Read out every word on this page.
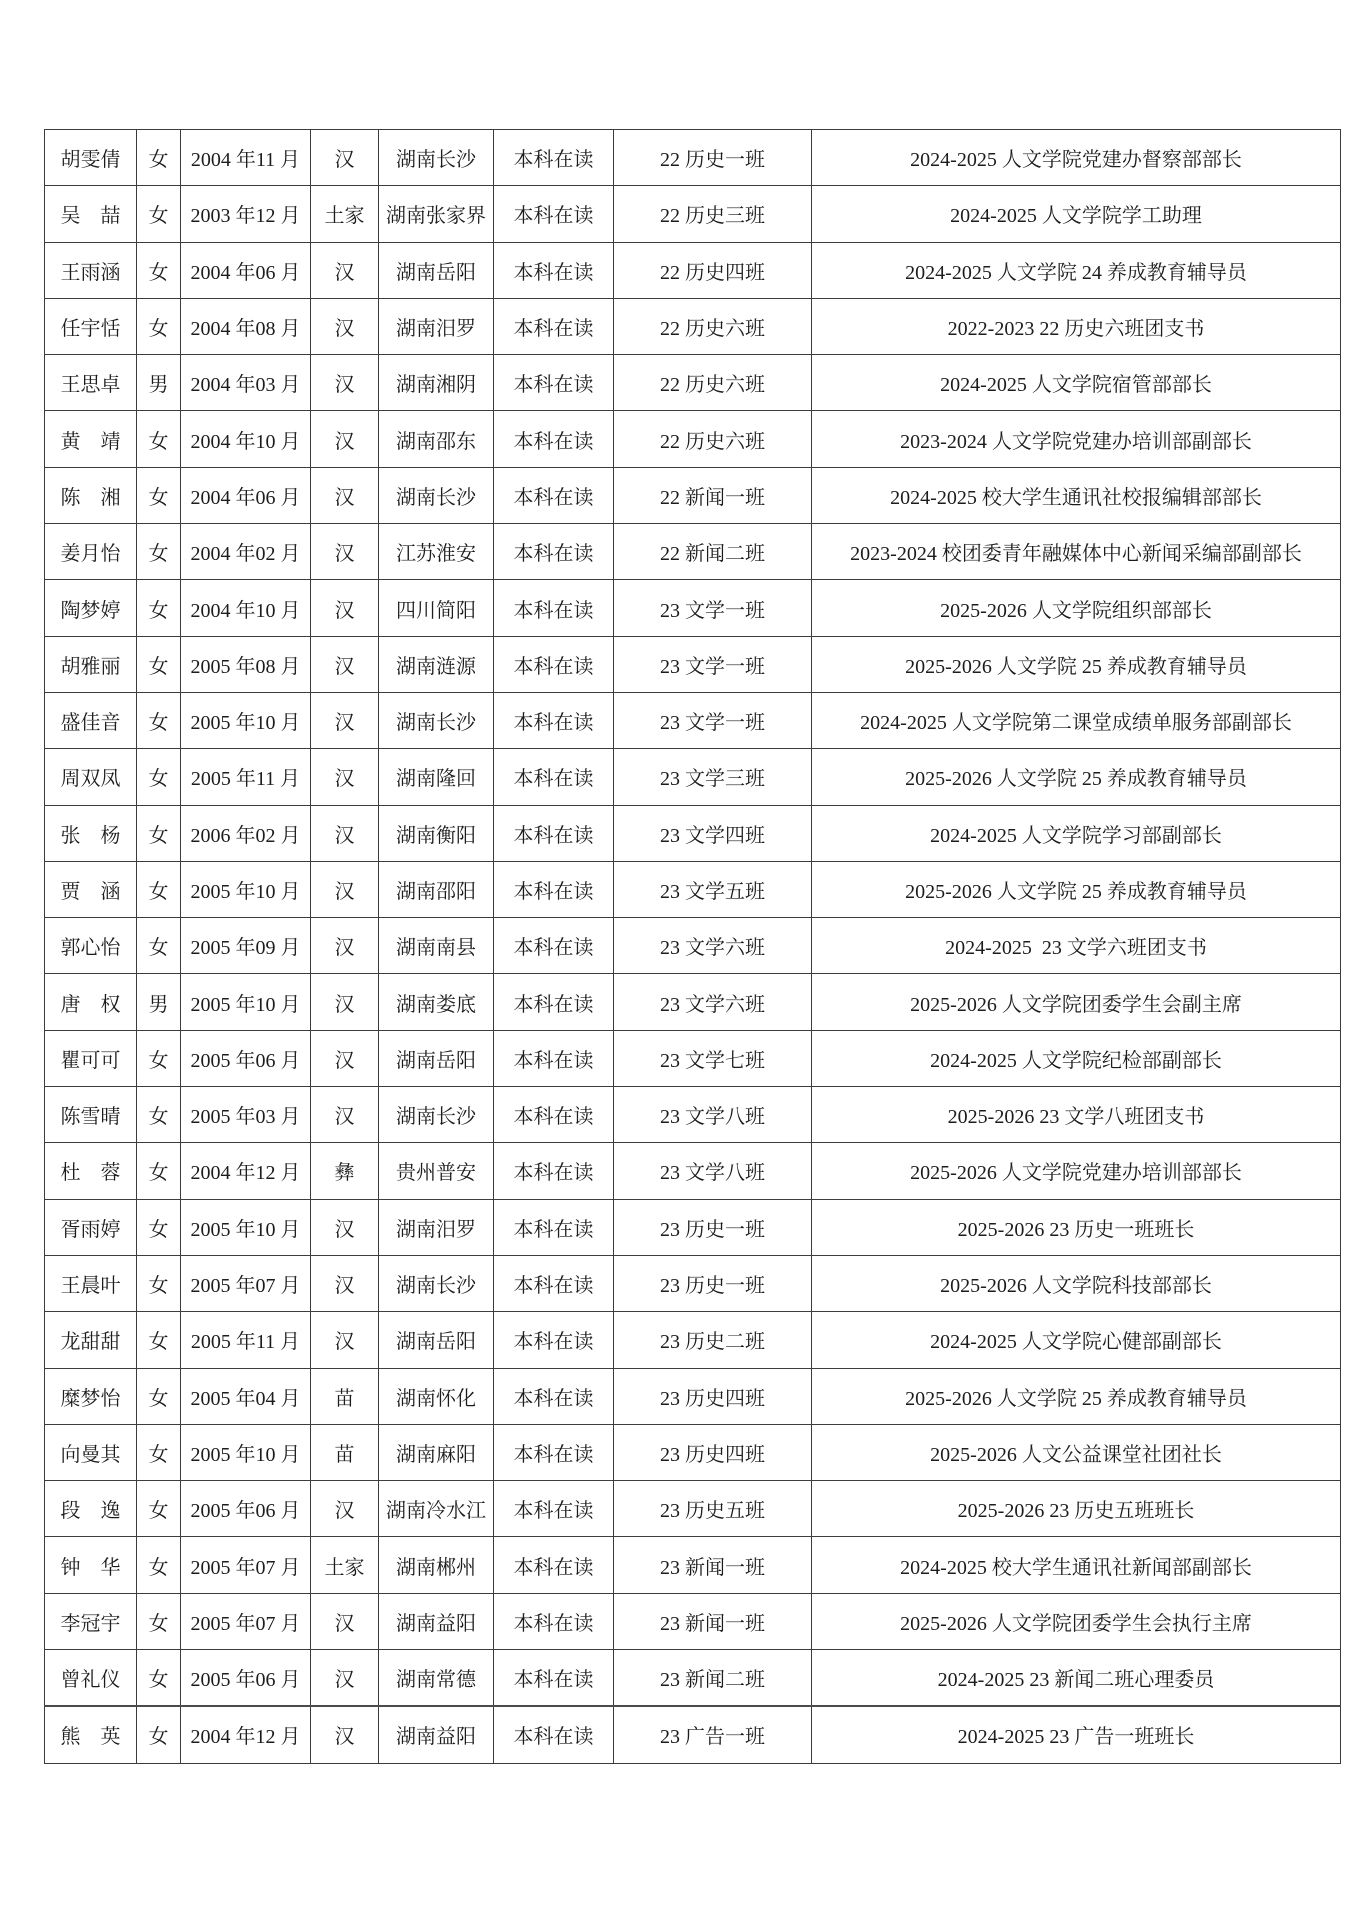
胡雯倩	女	2004 年11 月	汉	湖南长沙	本科在读	22 历史一班	2024-2025 人文学院党建办督察部部长
吴　喆	女	2003 年12 月	土家	湖南张家界	本科在读	22 历史三班	2024-2025 人文学院学工助理
王雨涵	女	2004 年06 月	汉	湖南岳阳	本科在读	22 历史四班	2024-2025 人文学院 24 养成教育辅导员
任宇恬	女	2004 年08 月	汉	湖南汨罗	本科在读	22 历史六班	2022-2023 22 历史六班团支书
王思卓	男	2004 年03 月	汉	湖南湘阴	本科在读	22 历史六班	2024-2025 人文学院宿管部部长
黄　靖	女	2004 年10 月	汉	湖南邵东	本科在读	22 历史六班	2023-2024 人文学院党建办培训部副部长
陈　湘	女	2004 年06 月	汉	湖南长沙	本科在读	22 新闻一班	2024-2025 校大学生通讯社校报编辑部部长
姜月怡	女	2004 年02 月	汉	江苏淮安	本科在读	22 新闻二班	2023-2024 校团委青年融媒体中心新闻采编部副部长
陶梦婷	女	2004 年10 月	汉	四川简阳	本科在读	23 文学一班	2025-2026 人文学院组织部部长
胡雅丽	女	2005 年08 月	汉	湖南涟源	本科在读	23 文学一班	2025-2026 人文学院 25 养成教育辅导员
盛佳音	女	2005 年10 月	汉	湖南长沙	本科在读	23 文学一班	2024-2025 人文学院第二课堂成绩单服务部副部长
周双凤	女	2005 年11 月	汉	湖南隆回	本科在读	23 文学三班	2025-2026 人文学院 25 养成教育辅导员
张　杨	女	2006 年02 月	汉	湖南衡阳	本科在读	23 文学四班	2024-2025 人文学院学习部副部长
贾　涵	女	2005 年10 月	汉	湖南邵阳	本科在读	23 文学五班	2025-2026 人文学院 25 养成教育辅导员
郭心怡	女	2005 年09 月	汉	湖南南县	本科在读	23 文学六班	2024-2025  23 文学六班团支书
唐　权	男	2005 年10 月	汉	湖南娄底	本科在读	23 文学六班	2025-2026 人文学院团委学生会副主席
瞿可可	女	2005 年06 月	汉	湖南岳阳	本科在读	23 文学七班	2024-2025 人文学院纪检部副部长
陈雪晴	女	2005 年03 月	汉	湖南长沙	本科在读	23 文学八班	2025-2026 23 文学八班团支书
杜　蓉	女	2004 年12 月	彝	贵州普安	本科在读	23 文学八班	2025-2026 人文学院党建办培训部部长
胥雨婷	女	2005 年10 月	汉	湖南汨罗	本科在读	23 历史一班	2025-2026 23 历史一班班长
王晨叶	女	2005 年07 月	汉	湖南长沙	本科在读	23 历史一班	2025-2026 人文学院科技部部长
龙甜甜	女	2005 年11 月	汉	湖南岳阳	本科在读	23 历史二班	2024-2025 人文学院心健部副部长
糜梦怡	女	2005 年04 月	苗	湖南怀化	本科在读	23 历史四班	2025-2026 人文学院 25 养成教育辅导员
向曼其	女	2005 年10 月	苗	湖南麻阳	本科在读	23 历史四班	2025-2026 人文公益课堂社团社长
段　逸	女	2005 年06 月	汉	湖南冷水江	本科在读	23 历史五班	2025-2026 23 历史五班班长
钟　华	女	2005 年07 月	土家	湖南郴州	本科在读	23 新闻一班	2024-2025 校大学生通讯社新闻部副部长
李冠宇	女	2005 年07 月	汉	湖南益阳	本科在读	23 新闻一班	2025-2026 人文学院团委学生会执行主席
曾礼仪	女	2005 年06 月	汉	湖南常德	本科在读	23 新闻二班	2024-2025 23 新闻二班心理委员
熊　英	女	2004 年12 月	汉	湖南益阳	本科在读	23 广告一班	2024-2025 23 广告一班班长
